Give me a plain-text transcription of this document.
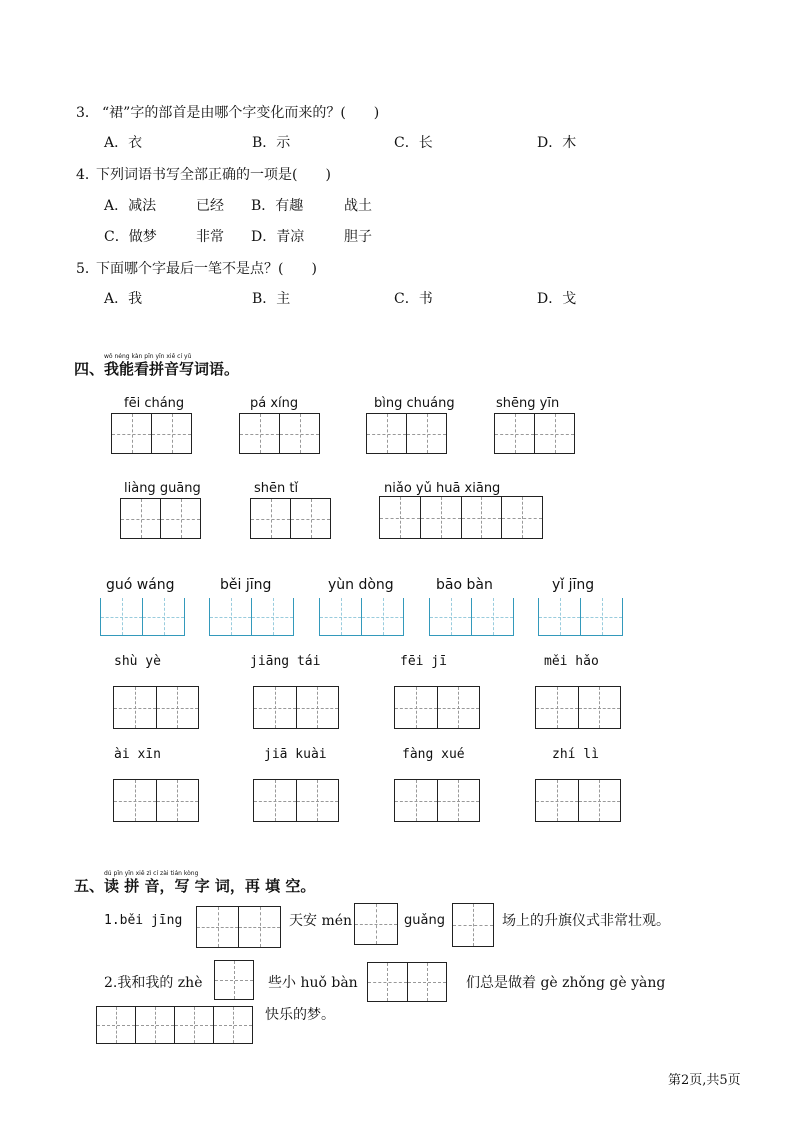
3． “裙”字的部首是由哪个字变化而来的？(　　)
A．衣	B．示	C．长	D．木
4．
下列词语书写全部正确的一项是(　　)
A．减法	已经 B．有趣	战土
C．做梦	非常 D．青凉	胆子
5．
下面哪个字最后一笔不是点？(　　)
A．我	B．主	C．书	D．戈
wǒ néng kàn pīn yīn xiě cí yǔ
四、我能看拼音写词语。
fēi cháng	pá xíng	bìng chuáng	shēng yīn
liàng guāng	shēn tǐ	niǎo yǔ huā xiāng
guó wáng	běi jīng	yùn dòng	bāo bàn	yǐ jīng
shù yè	jiāng tái	fēi jī	měi hǎo
ài xīn	jiā kuài	fàng xué	zhí lì
dú pīn yīn xiě zì cí zài tián kòng
五、读 拼 音，写 字 词，再 填 空。
1.běi jīng	天安 mén	guǎng	场上的升旗仪式非常壮观。
2.我和我的 zhè	些小 huǒ bàn	们总是做着 gè zhǒng gè yàng
快乐的梦。
第2页,共5页
